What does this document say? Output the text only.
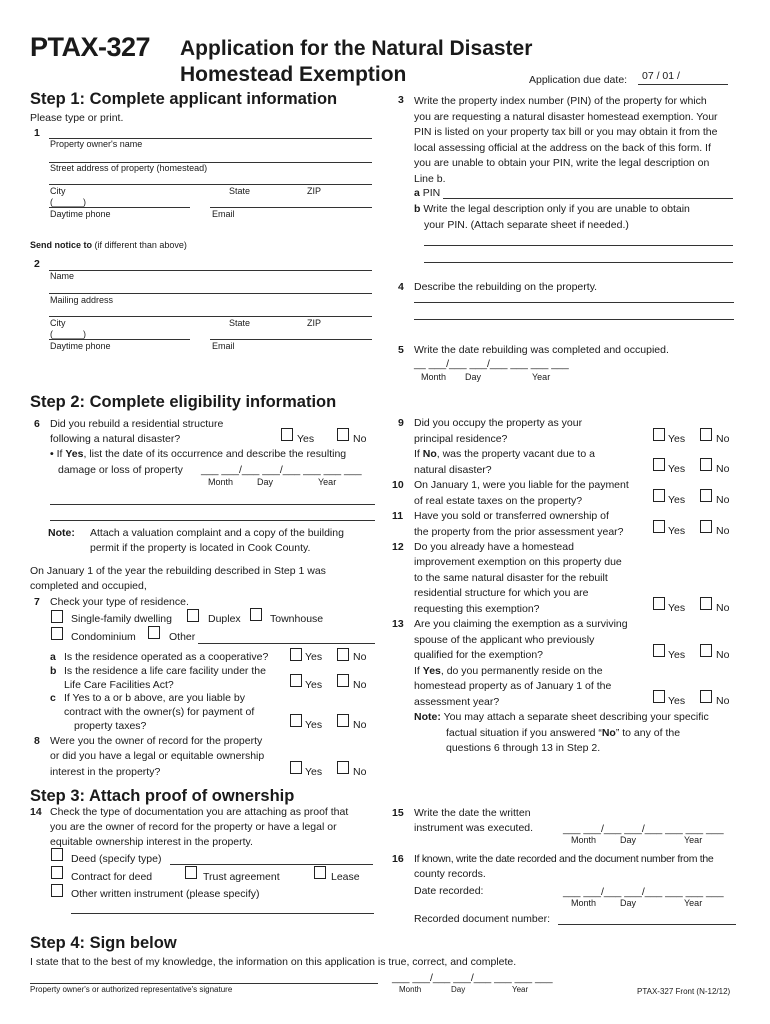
PTAX-327 Application for the Natural Disaster
Homestead Exemption	Application due date: 07 / 01 /
Step 1: Complete applicant information
Please type or print.
1
Property owner's name
Street address of property (homestead)
City	State	ZIP
(______)
Daytime phone	Email
Send notice to (if different than above)
2
Name
Mailing address
City	State	ZIP
(______)
Daytime phone	Email
3 Write the property index number (PIN) of the property for which
you are requesting a natural disaster homestead exemption. Your
PIN is listed on your property tax bill or you may obtain it from the
local assessing official at the address on the back of this form. If
you are unable to obtain your PIN, write the legal description on
Line b.
a PIN
b Write the legal description only if you are unable to obtain
your PIN. (Attach separate sheet if needed.)
4 Describe the rebuilding on the property.
5 Write the date rebuilding was completed and occupied.
__ ___/___ ___/___ ___ ___ ___
Month Day	Year
Step 2: Complete eligibility information
6 Did you rebuild a residential structure
following a natural disaster?	Yes	No
• If Yes, list the date of its occurrence and describe the resulting
damage or loss of property ___ ___/___ ___/___ ___ ___ ___
Month	Day	Year
Note: Attach a valuation complaint and a copy of the building
permit if the property is located in Cook County.
On January 1 of the year the rebuilding described in Step 1 was
completed and occupied,
7 Check your type of residence.
Single-family dwelling	Duplex	Townhouse
Condominium	Other
a Is the residence operated as a cooperative?	Yes	No
b Is the residence a life care facility under the
Life Care Facilities Act?	Yes	No
c If Yes to a or b above, are you liable by
contract with the owner(s) for payment of
property taxes?	Yes	No
8 Were you the owner of record for the property
or did you have a legal or equitable ownership
interest in the property?	Yes	No
9 Did you occupy the property as your
principal residence?	Yes	No
If No, was the property vacant due to a
natural disaster?	Yes	No
10 On January 1, were you liable for the payment
of real estate taxes on the property?	Yes	No
11 Have you sold or transferred ownership of
the property from the prior assessment year?	Yes	No
12 Do you already have a homestead
improvement exemption on this property due
to the same natural disaster for the rebuilt
residential structure for which you are
requesting this exemption?	Yes	No
13 Are you claiming the exemption as a surviving
spouse of the applicant who previously
qualified for the exemption?	Yes	No
If Yes, do you permanently reside on the
homestead property as of January 1 of the
assessment year?	Yes	No
Note: You may attach a separate sheet describing your specific
factual situation if you answered “No” to any of the
questions 6 through 13 in Step 2.
Step 3: Attach proof of ownership
14 Check the type of documentation you are attaching as proof that
you are the owner of record for the property or have a legal or
equitable ownership interest in the property.
Deed (specify type)
Contract for deed	Trust agreement	Lease
Other written instrument (please specify)
15 Write the date the written
instrument was executed.	___ ___/___ ___/___ ___ ___ ___
Month	Day	Year
16 If known, write the date recorded and the document number from the
county records.
Date recorded:	___ ___/___ ___/___ ___ ___ ___
Month	Day	Year
Recorded document number:
Step 4: Sign below
I state that to the best of my knowledge, the information on this application is true, correct, and complete.
Property owner's or authorized representative's signature
___ ___/___ ___/___ ___ ___ ___
Month	Day	Year	PTAX-327 Front (N-12/12)
